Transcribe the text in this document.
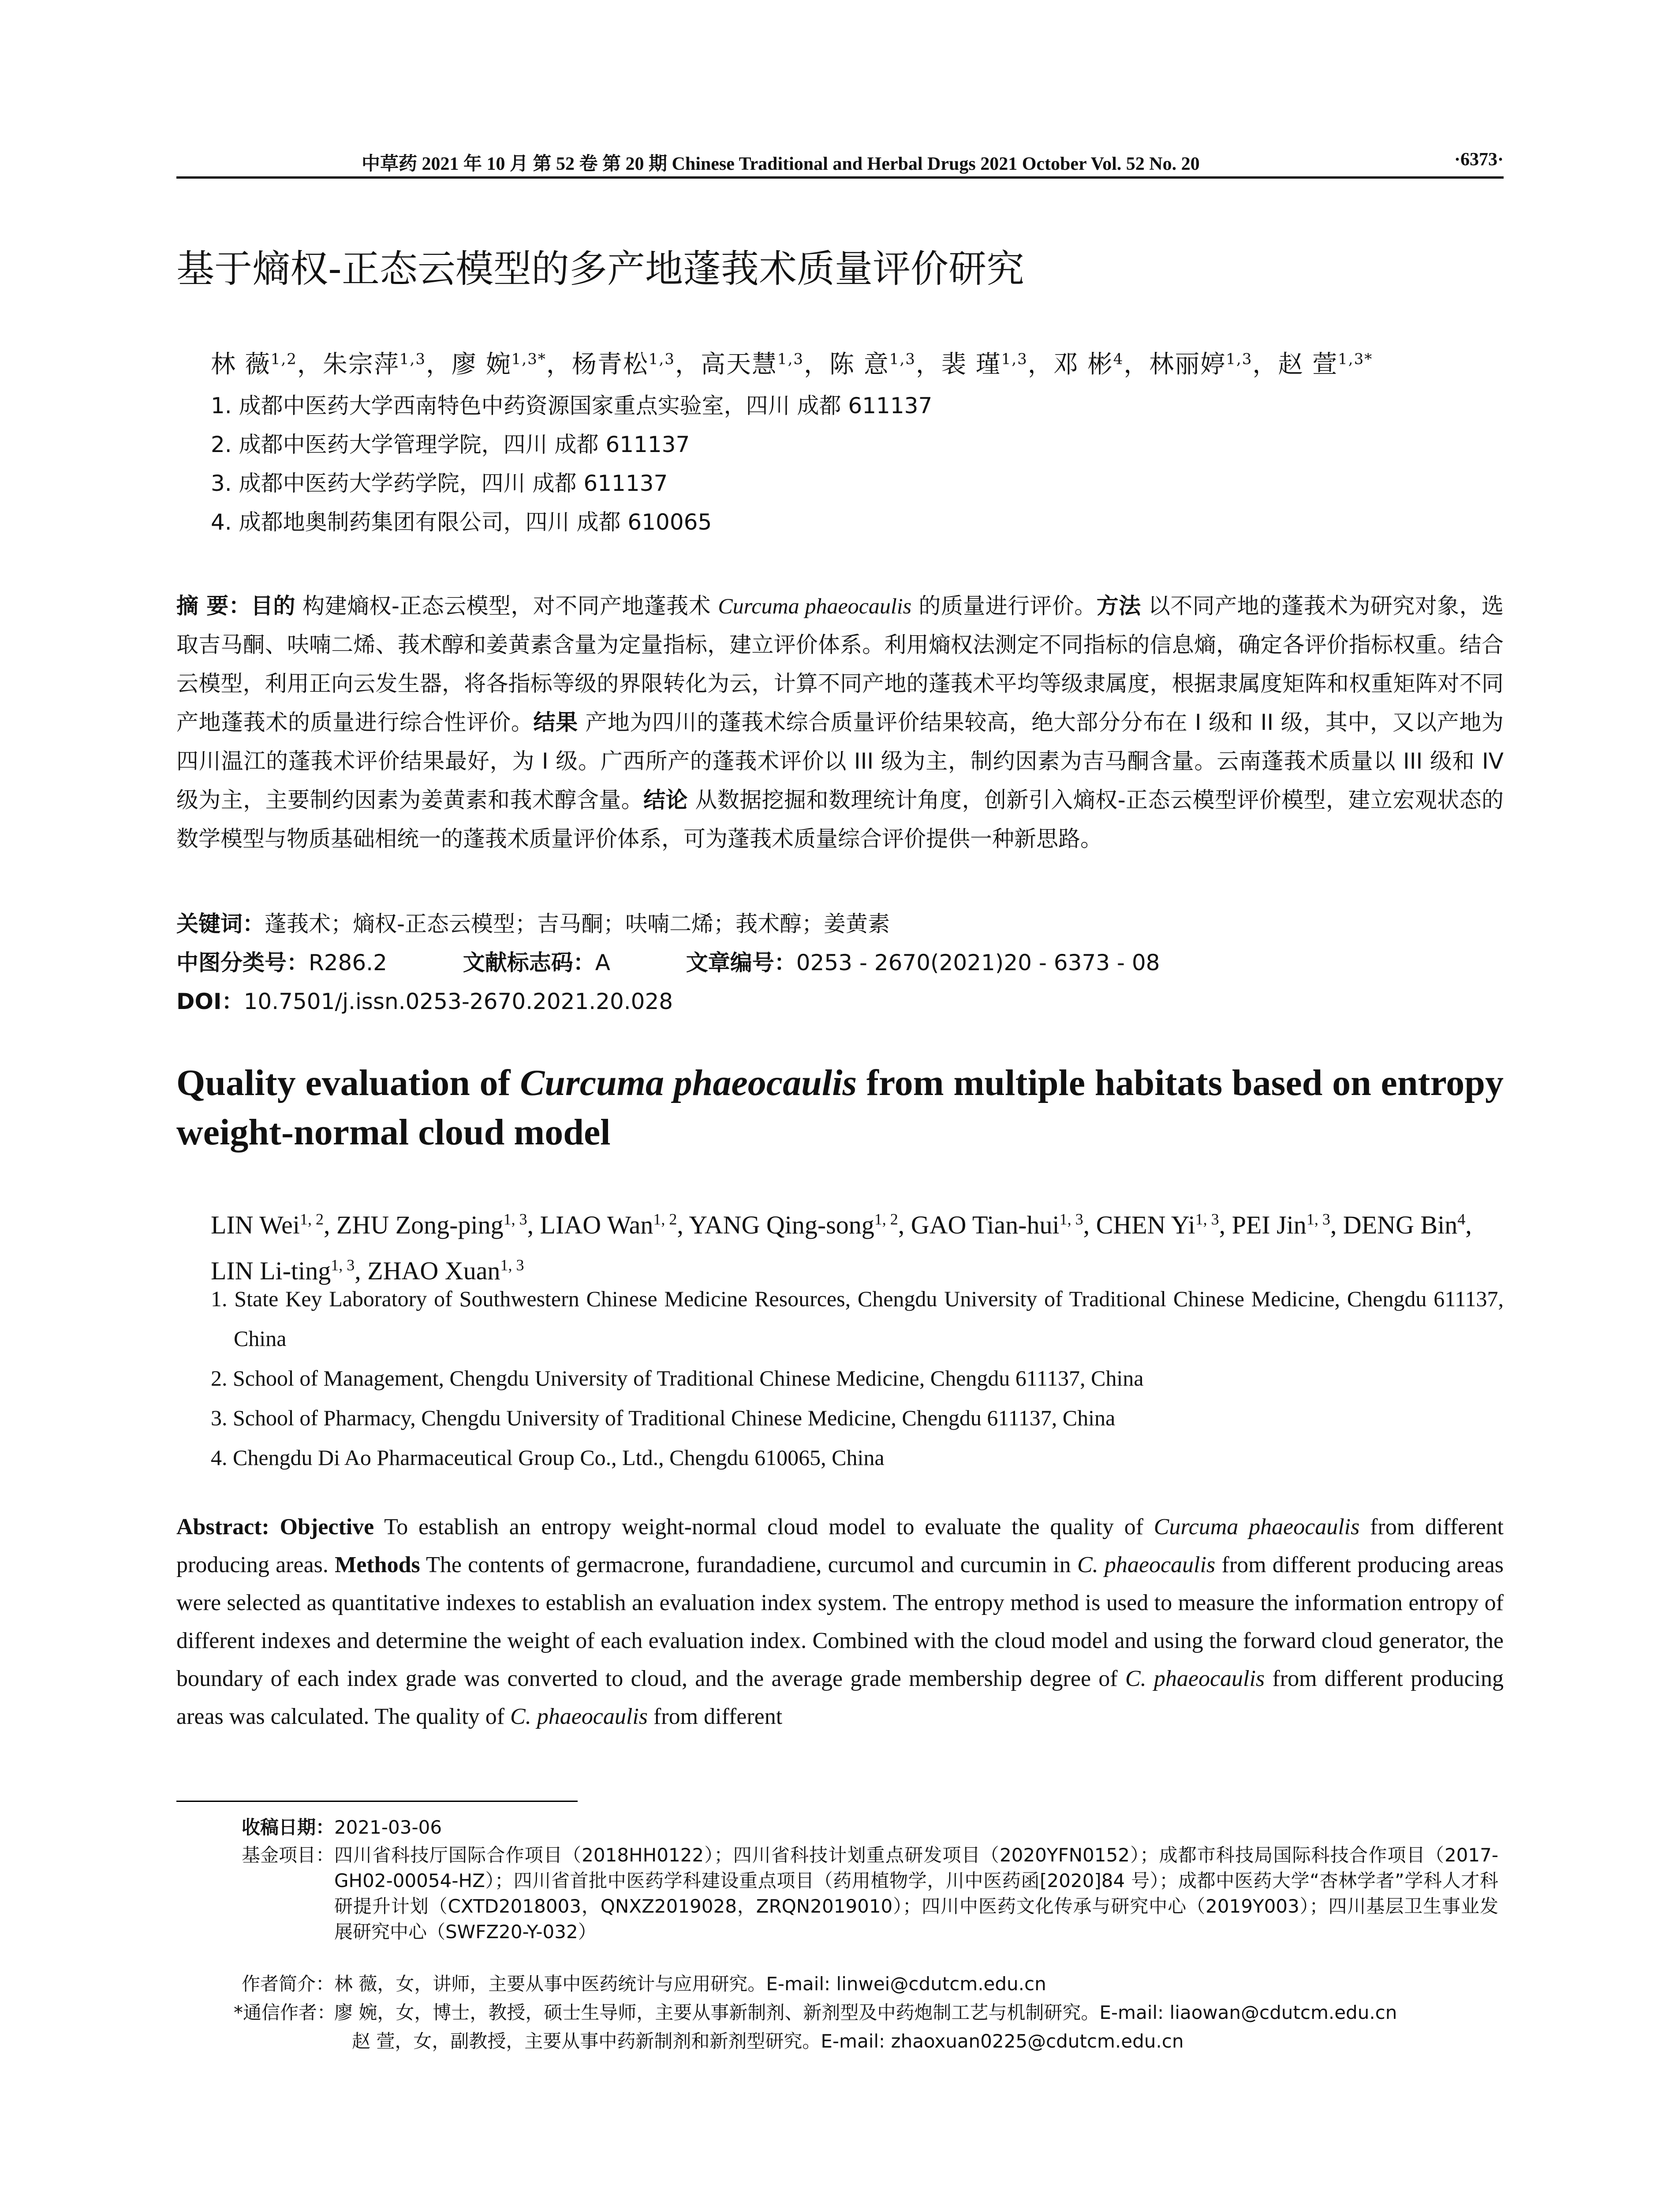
中草药 2021 年 10 月 第 52 卷 第 20 期 Chinese Traditional and Herbal Drugs 2021 October Vol. 52 No. 20	·6373·
基于熵权-正态云模型的多产地蓬莪术质量评价研究
林 薇$^{1,2}$，朱宗萍$^{1,3}$，廖 婉$^{1,3*}$，杨青松$^{1,3}$，高天慧$^{1,3}$，陈 意$^{1,3}$，裴 瑾$^{1,3}$，邓 彬$^4$，林丽婷$^{1,3}$，赵 萱$^{1,3*}$
1. 成都中医药大学西南特色中药资源国家重点实验室，四川 成都 611137
2. 成都中医药大学管理学院，四川 成都 611137
3. 成都中医药大学药学院，四川 成都 611137
4. 成都地奥制药集团有限公司，四川 成都 610065
摘 要：目的 构建熵权-正态云模型，对不同产地蓬莪术 Curcuma phaeocaulis 的质量进行评价。方法 以不同产地的蓬莪术为研究对象，选取吉马酮、呋喃二烯、莪术醇和姜黄素含量为定量指标，建立评价体系。利用熵权法测定不同指标的信息熵，确定各评价指标权重。结合云模型，利用正向云发生器，将各指标等级的界限转化为云，计算不同产地的蓬莪术平均等级隶属度，根据隶属度矩阵和权重矩阵对不同产地蓬莪术的质量进行综合性评价。结果 产地为四川的蓬莪术综合质量评价结果较高，绝大部分分布在 I 级和 II 级，其中，又以产地为四川温江的蓬莪术评价结果最好，为 I 级。广西所产的蓬莪术评价以 III 级为主，制约因素为吉马酮含量。云南蓬莪术质量以 III 级和 IV 级为主，主要制约因素为姜黄素和莪术醇含量。结论 从数据挖掘和数理统计角度，创新引入熵权-正态云模型评价模型，建立宏观状态的数学模型与物质基础相统一的蓬莪术质量评价体系，可为蓬莪术质量综合评价提供一种新思路。
关键词：蓬莪术；熵权-正态云模型；吉马酮；呋喃二烯；莪术醇；姜黄素
中图分类号：R286.2	文献标志码：A	文章编号：0253 - 2670(2021)20 - 6373 - 08
DOI：10.7501/j.issn.0253-2670.2021.20.028
Quality evaluation of Curcuma phaeocaulis from multiple habitats based on entropy weight-normal cloud model
LIN Wei$^{1, 2}$, ZHU Zong-ping$^{1, 3}$, LIAO Wan$^{1, 2}$, YANG Qing-song$^{1, 2}$, GAO Tian-hui$^{1, 3}$, CHEN Yi$^{1, 3}$, PEI Jin$^{1, 3}$, DENG Bin$^4$, LIN Li-ting$^{1, 3}$, ZHAO Xuan$^{1, 3}$
1. State Key Laboratory of Southwestern Chinese Medicine Resources, Chengdu University of Traditional Chinese Medicine, Chengdu 611137, China
2. School of Management, Chengdu University of Traditional Chinese Medicine, Chengdu 611137, China
3. School of Pharmacy, Chengdu University of Traditional Chinese Medicine, Chengdu 611137, China
4. Chengdu Di Ao Pharmaceutical Group Co., Ltd., Chengdu 610065, China
Abstract: Objective To establish an entropy weight-normal cloud model to evaluate the quality of Curcuma phaeocaulis from different producing areas. Methods The contents of germacrone, furandadiene, curcumol and curcumin in C. phaeocaulis from different producing areas were selected as quantitative indexes to establish an evaluation index system. The entropy method is used to measure the information entropy of different indexes and determine the weight of each evaluation index. Combined with the cloud model and using the forward cloud generator, the boundary of each index grade was converted to cloud, and the average grade membership degree of C. phaeocaulis from different producing areas was calculated. The quality of C. phaeocaulis from different
收稿日期：2021-03-06
基金项目： 四川省科技厅国际合作项目（2018HH0122）；四川省科技计划重点研发项目（2020YFN0152）；成都市科技局国际科技合作项目（2017-GH02-00054-HZ）；四川省首批中医药学科建设重点项目（药用植物学，川中医药函[2020]84 号）；成都中医药大学“杏林学者”学科人才科研提升计划（CXTD2018003，QNXZ2019028，ZRQN2019010）；四川中医药文化传承与研究中心（2019Y003）；四川基层卫生事业发展研究中心（SWFZ20-Y-032）
作者简介： 林 薇，女，讲师，主要从事中医药统计与应用研究。E-mail: linwei@cdutcm.edu.cn
*通信作者：
廖 婉，女，博士，教授，硕士生导师，主要从事新制剂、新剂型及中药炮制工艺与机制研究。E-mail: liaowan@cdutcm.edu.cn
赵 萱，女，副教授，主要从事中药新制剂和新剂型研究。E-mail: zhaoxuan0225@cdutcm.edu.cn
